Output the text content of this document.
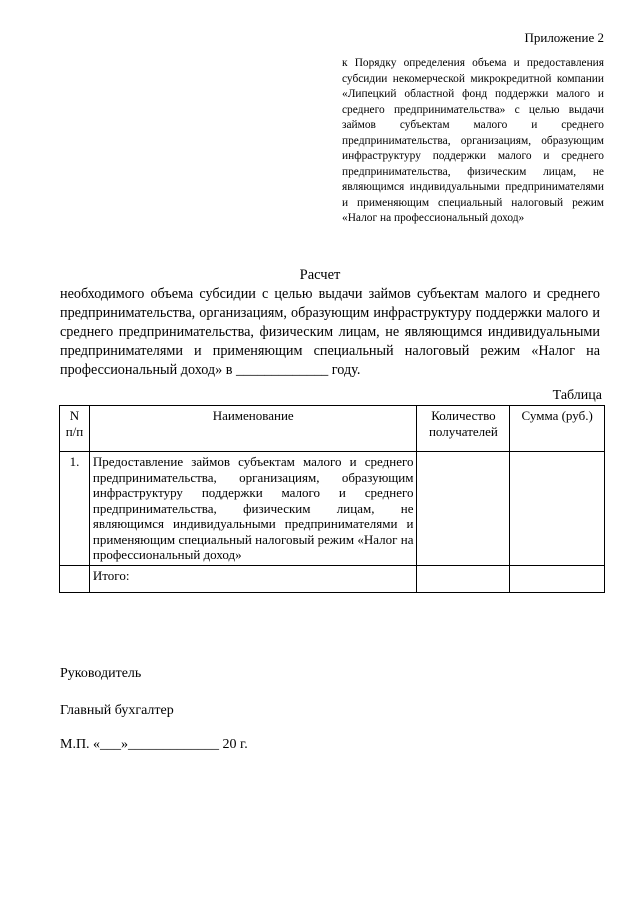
Приложение 2
к Порядку определения объема и предоставления субсидии некомерческой микрокредитной компании «Липецкий областной фонд поддержки малого и среднего предпринимательства» с целью выдачи займов субъектам малого и среднего предпринимательства, организациям, образующим инфраструктуру поддержки малого и среднего предпринимательства, физическим лицам, не являющимся индивидуальными предпринимателями и применяющим специальный налоговый режим «Налог на профессиональный доход»
Расчет
необходимого объема субсидии с целью выдачи займов субъектам малого и среднего предпринимательства, организациям, образующим инфраструктуру поддержки малого и среднего предпринимательства, физическим лицам, не являющимся индивидуальными предпринимателями и применяющим специальный налоговый режим «Налог на профессиональный доход» в _____________ году.
Таблица
N п/п	Наименование	Количество получателей	Сумма (руб.)
1.	Предоставление займов субъектам малого и среднего предпринимательства, организациям, образующим инфраструктуру поддержки малого и среднего предпринимательства, физическим лицам, не являющимся индивидуальными предпринимателями и применяющим специальный налоговый режим «Налог на профессиональный доход»		
	Итого:		
Руководитель
Главный бухгалтер
М.П. «___»_____________ 20 г.
